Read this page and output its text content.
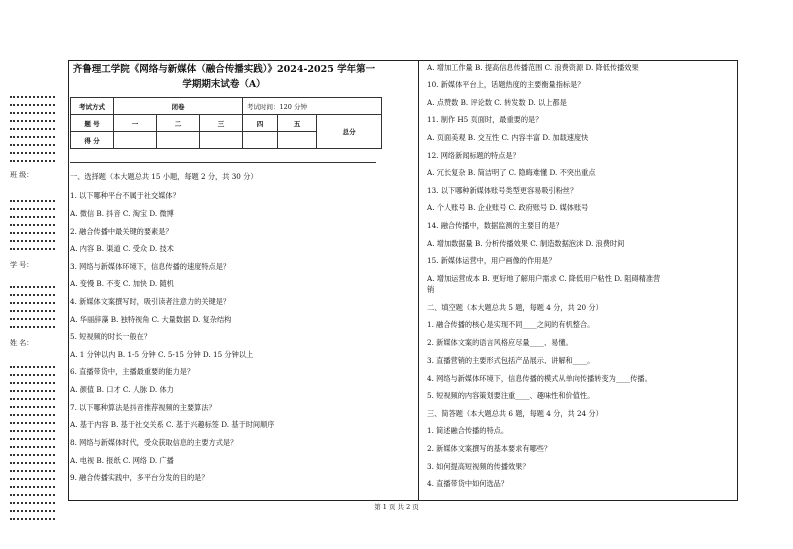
班 级：
学 号：
姓 名：
齐鲁理工学院《网络与新媒体（融合传播实践）》2024-2025 学年第一
学期期末试卷（A）
考试方式	闭卷			考试时间：120 分钟		
题 号	一	二	三	四	五	总分
得 分						
一、选择题（本大题总共 15 小题，每题 2 分，共 30 分）
1. 以下哪种平台不属于社交媒体？
A. 微信 B. 抖音 C. 淘宝 D. 微博
2. 融合传播中最关键的要素是？
A. 内容 B. 渠道 C. 受众 D. 技术
3. 网络与新媒体环境下，信息传播的速度特点是？
A. 变慢 B. 不变 C. 加快 D. 随机
4. 新媒体文案撰写时，吸引读者注意力的关键是？
A. 华丽辞藻 B. 独特视角 C. 大量数据 D. 复杂结构
5. 短视频的时长一般在？
A. 1 分钟以内 B. 1-5 分钟 C. 5-15 分钟 D. 15 分钟以上
6. 直播带货中，主播最重要的能力是？
A. 颜值 B. 口才 C. 人脉 D. 体力
7. 以下哪种算法是抖音推荐视频的主要算法？
A. 基于内容 B. 基于社交关系 C. 基于兴趣标签 D. 基于时间顺序
8. 网络与新媒体时代，受众获取信息的主要方式是？
A. 电视 B. 报纸 C. 网络 D. 广播
9. 融合传播实践中，多平台分发的目的是？
A. 增加工作量 B. 提高信息传播范围 C. 浪费资源 D. 降低传播效果
10. 新媒体平台上，话题热度的主要衡量指标是？
A. 点赞数 B. 评论数 C. 转发数 D. 以上都是
11. 制作 H5 页面时，最重要的是？
A. 页面美观 B. 交互性 C. 内容丰富 D. 加载速度快
12. 网络新闻标题的特点是？
A. 冗长复杂 B. 简洁明了 C. 隐晦难懂 D. 不突出重点
13. 以下哪种新媒体账号类型更容易吸引粉丝？
A. 个人账号 B. 企业账号 C. 政府账号 D. 媒体账号
14. 融合传播中，数据监测的主要目的是？
A. 增加数据量 B. 分析传播效果 C. 制造数据泡沫 D. 浪费时间
15. 新媒体运营中，用户画像的作用是？
A. 增加运营成本 B. 更好地了解用户需求 C. 降低用户粘性 D. 阻碍精准营
销
二、填空题（本大题总共 5 题，每题 4 分，共 20 分）
1. 融合传播的核心是实现不同____之间的有机整合。
2. 新媒体文案的语言风格应尽量____、易懂。
3. 直播营销的主要形式包括产品展示、讲解和____。
4. 网络与新媒体环境下，信息传播的模式从单向传播转变为____传播。
5. 短视频的内容策划要注重____、趣味性和价值性。
三、简答题（本大题总共 6 题，每题 4 分，共 24 分）
1. 简述融合传播的特点。
2. 新媒体文案撰写的基本要求有哪些？
3. 如何提高短视频的传播效果？
4. 直播带货中如何选品？
第 1 页 共 2 页
